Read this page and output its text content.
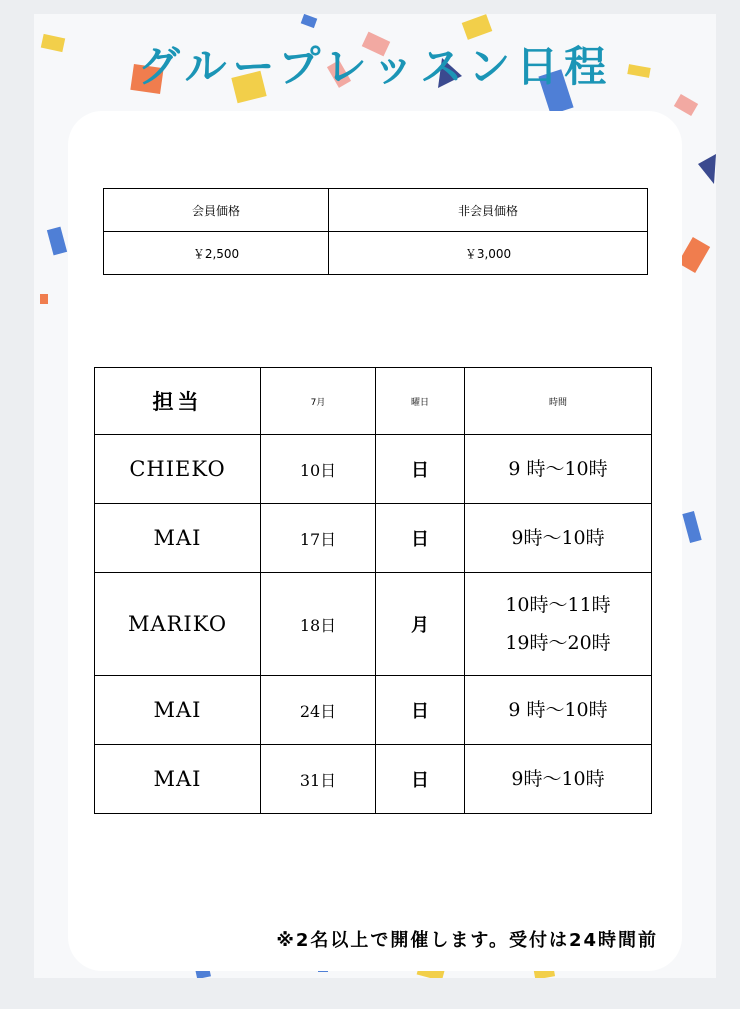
グループレッスン日程
会員価格	非会員価格
￥2,500	￥3,000
担当	7月	曜日	時間
CHIEKO	10日	日	9 時～10時

MAI	17日	日	9時～10時

MARIKO	18日	月	10時～11時
19時～20時

MAI	24日	日	9 時～10時

MAI	31日	日	9時～10時
※2名以上で開催します。受付は24時間前
